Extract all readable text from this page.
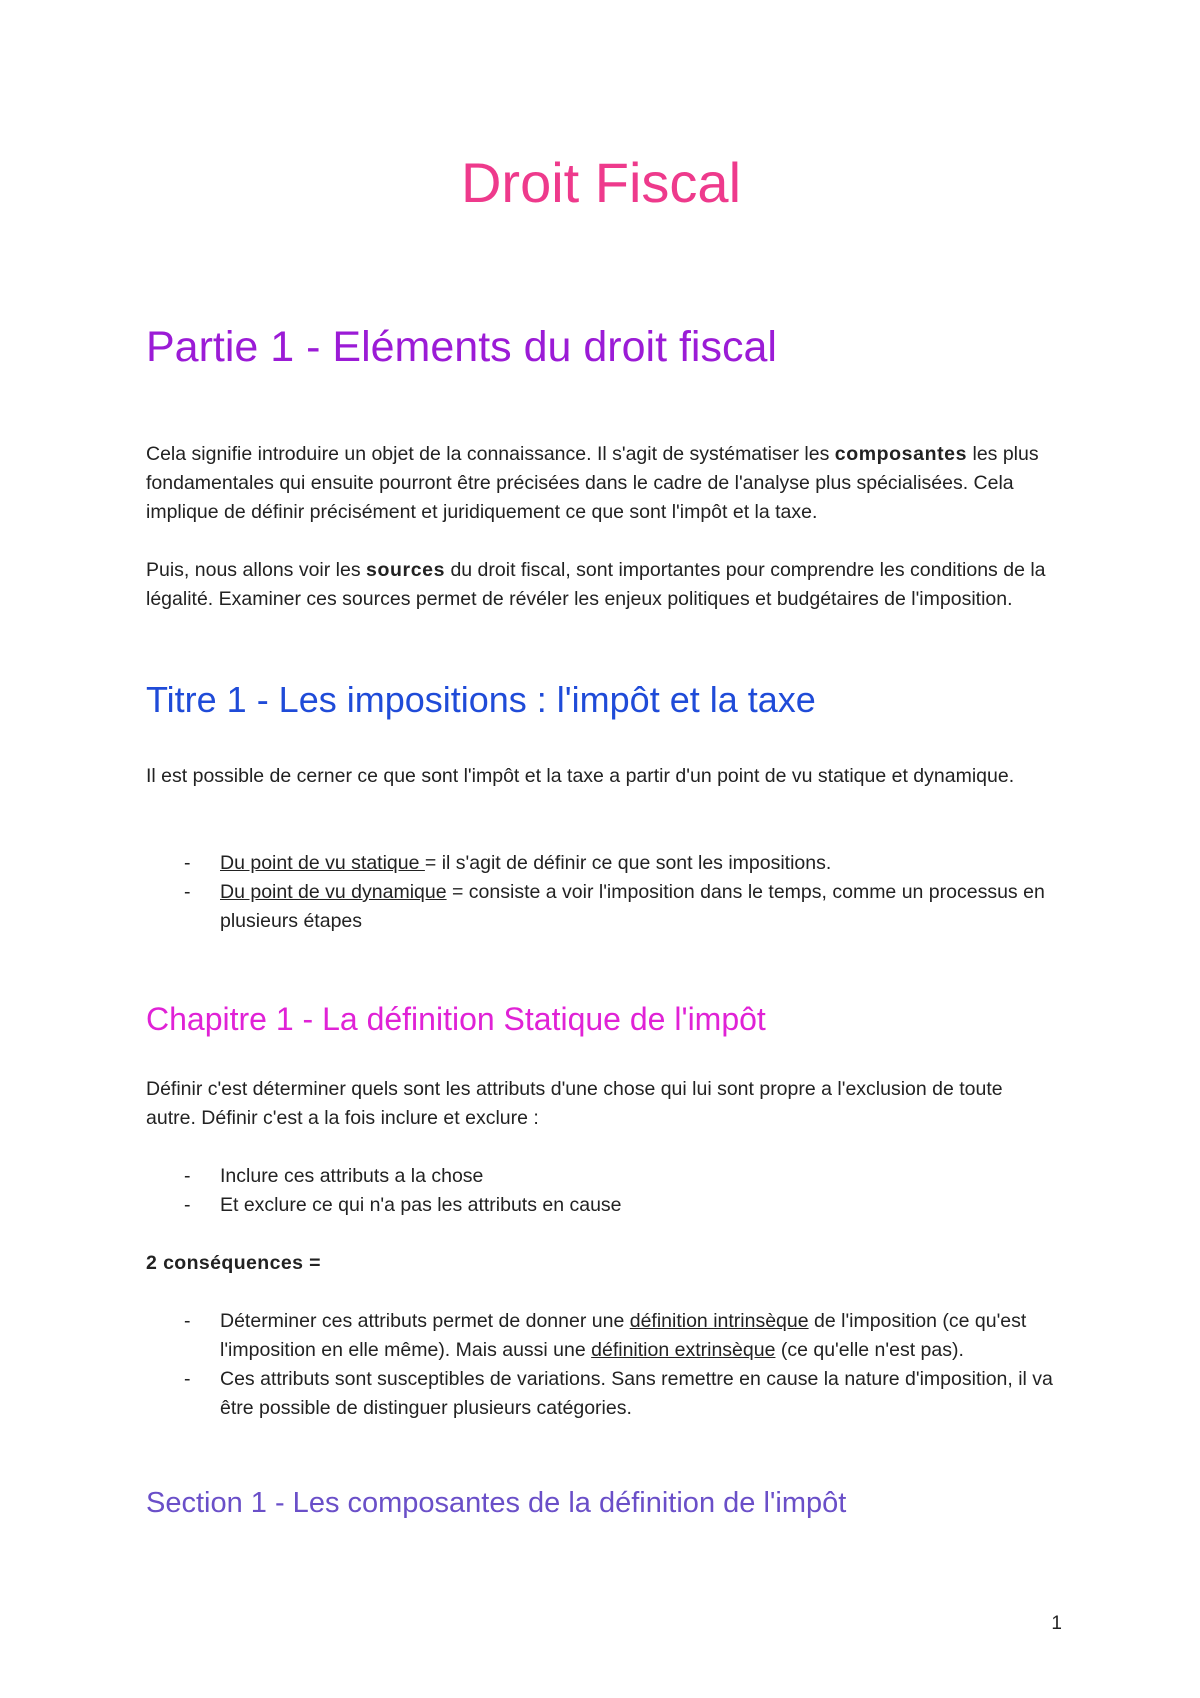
Droit Fiscal
Partie 1 - Eléments du droit fiscal

Cela signifie introduire un objet de la connaissance. Il s'agit de systématiser les composantes les plus fondamentales qui ensuite pourront être précisées dans le cadre de l'analyse plus spécialisées. Cela implique de définir précisément et juridiquement ce que sont l'impôt et la taxe.

Puis, nous allons voir les sources du droit fiscal, sont importantes pour comprendre les conditions de la légalité. Examiner ces sources permet de révéler les enjeux politiques et budgétaires de l'imposition.

Titre 1 - Les impositions : l'impôt et la taxe

Il est possible de cerner ce que sont l'impôt et la taxe a partir d'un point de vu statique et dynamique.

- Du point de vu statique = il s'agit de définir ce que sont les impositions.
- Du point de vu dynamique = consiste a voir l'imposition dans le temps, comme un processus en plusieurs étapes
Chapitre 1 - La définition Statique de l'impôt

Définir c'est déterminer quels sont les attributs d'une chose qui lui sont propre a l'exclusion de toute autre. Définir c'est a la fois inclure et exclure :

- Inclure ces attributs a la chose
- Et exclure ce qui n'a pas les attributs en cause

2 conséquences =

- Déterminer ces attributs permet de donner une définition intrinsèque de l'imposition (ce qu'est l'imposition en elle même). Mais aussi une définition extrinsèque (ce qu'elle n'est pas).
- Ces attributs sont susceptibles de variations. Sans remettre en cause la nature d'imposition, il va être possible de distinguer plusieurs catégories.
Section 1 - Les composantes de la définition de l'impôt
1
